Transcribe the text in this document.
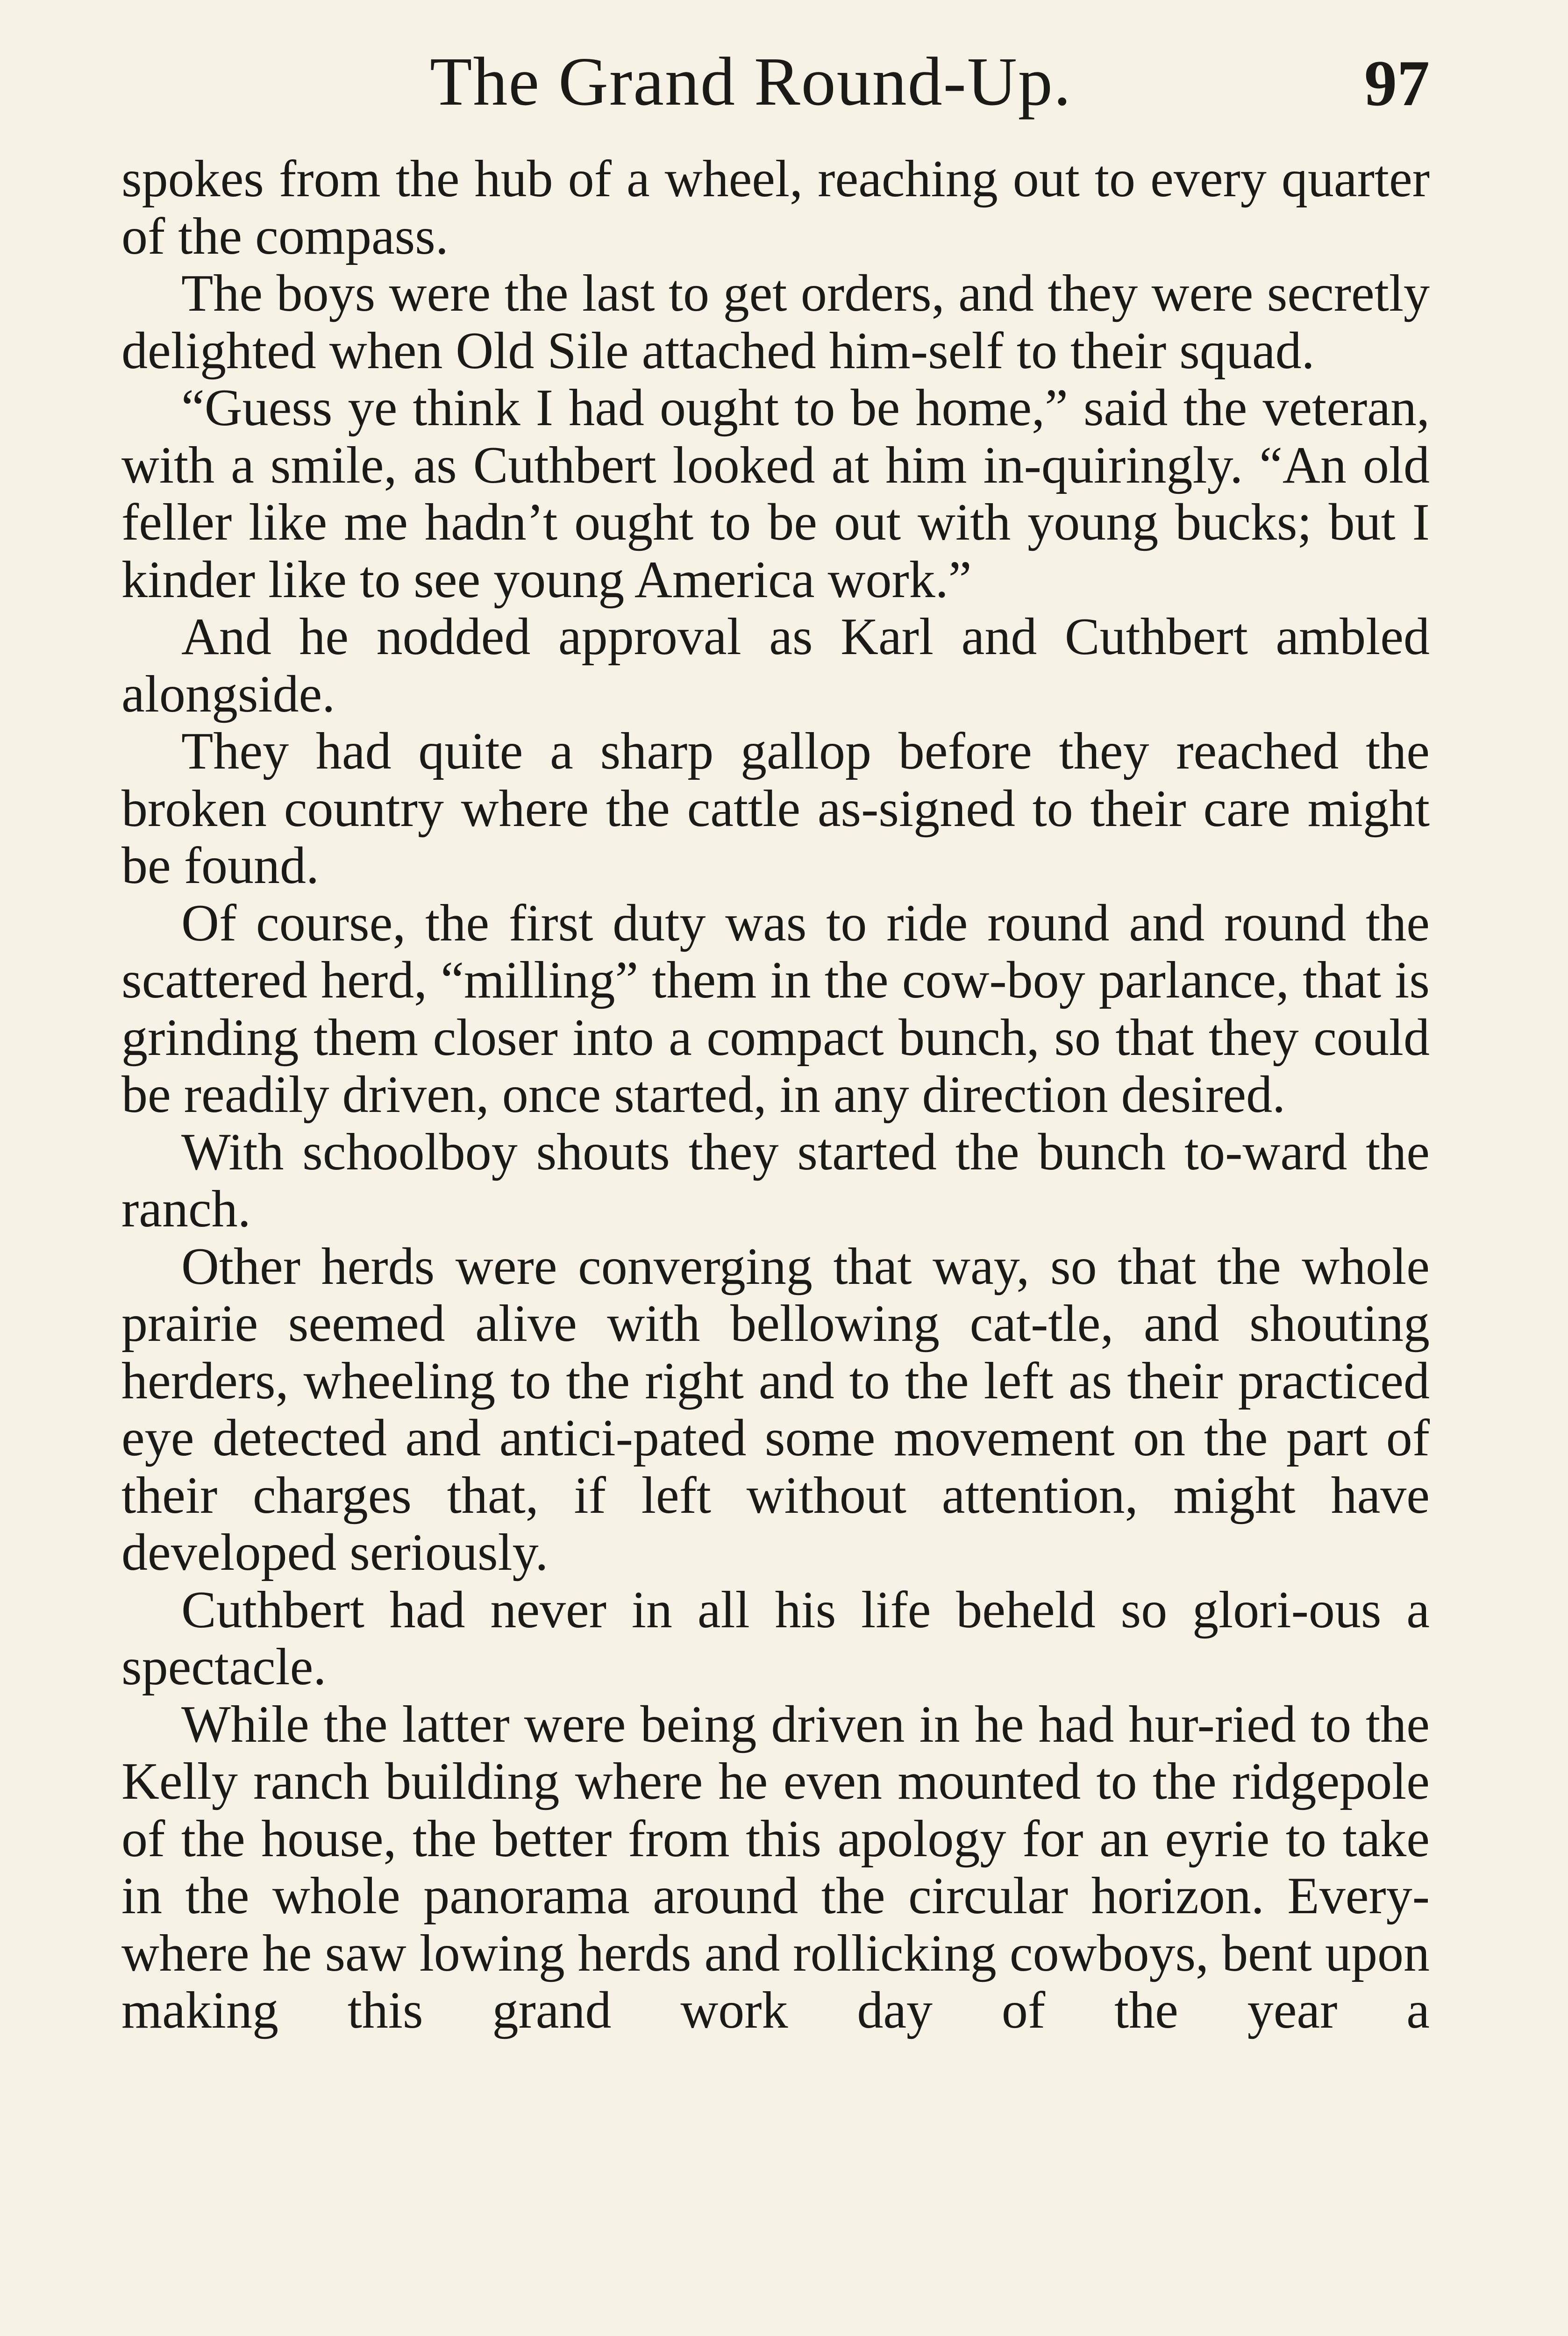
The Grand Round-Up.	97

spokes from the hub of a wheel, reaching out to every quarter of the compass.

The boys were the last to get orders, and they were secretly delighted when Old Sile attached him-self to their squad.

“Guess ye think I had ought to be home,” said the veteran, with a smile, as Cuthbert looked at him in-quiringly. “An old feller like me hadn’t ought to be out with young bucks; but I kinder like to see young America work.”

And he nodded approval as Karl and Cuthbert ambled alongside.

They had quite a sharp gallop before they reached the broken country where the cattle as-signed to their care might be found.

Of course, the first duty was to ride round and round the scattered herd, “milling” them in the cow-boy parlance, that is grinding them closer into a compact bunch, so that they could be readily driven, once started, in any direction desired.

With schoolboy shouts they started the bunch to-ward the ranch.

Other herds were converging that way, so that the whole prairie seemed alive with bellowing cat-tle, and shouting herders, wheeling to the right and to the left as their practiced eye detected and antici-pated some movement on the part of their charges that, if left without attention, might have developed seriously.

Cuthbert had never in all his life beheld so glori-ous a spectacle.

While the latter were being driven in he had hur-ried to the Kelly ranch building where he even mounted to the ridgepole of the house, the better from this apology for an eyrie to take in the whole panorama around the circular horizon. Every-where he saw lowing herds and rollicking cowboys, bent upon making this grand work day of the year a
